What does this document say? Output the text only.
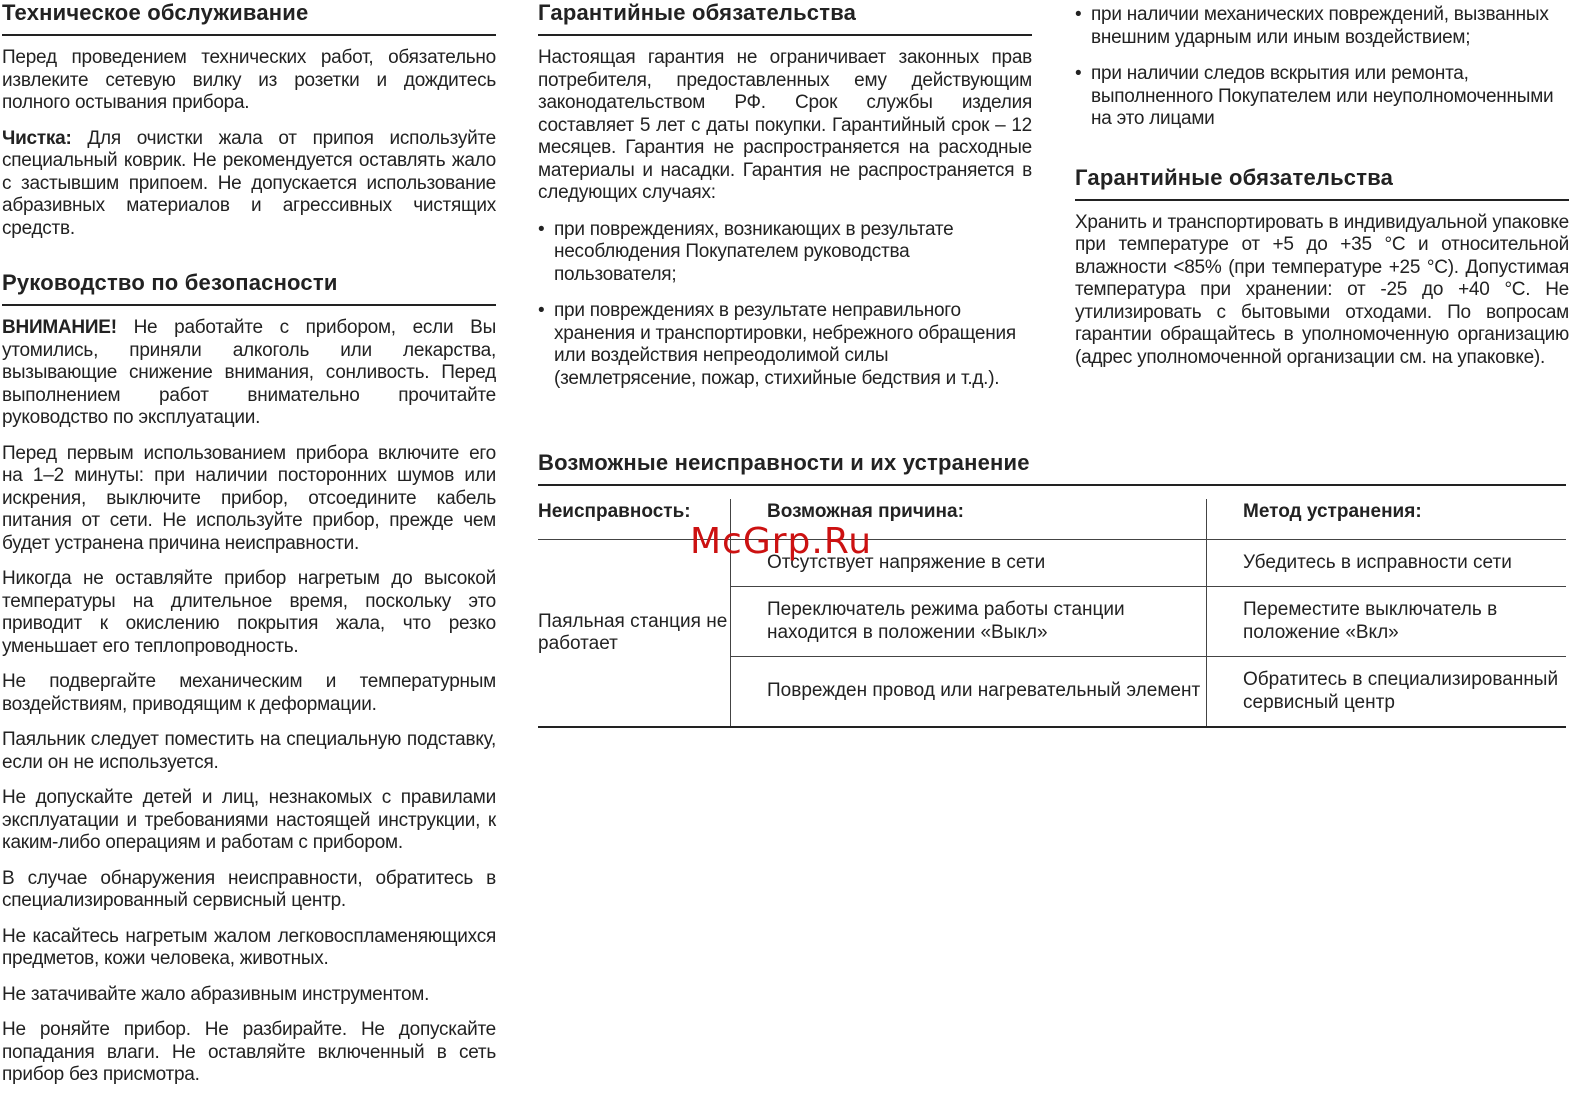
Техническое обслуживание

Перед проведением технических работ, обязательно извлеките сетевую вилку из розетки и дождитесь полного остывания прибора.

Чистка: Для очистки жала от припоя используйте специальный коврик. Не рекомендуется оставлять жало с застывшим припоем. Не допускается использование абразивных материалов и агрессивных чистящих средств.

Руководство по безопасности

ВНИМАНИЕ! Не работайте с прибором, если Вы утомились, приняли алкоголь или лекарства, вызывающие снижение внимания, сонливость. Перед выполнением работ внимательно прочитайте руководство по эксплуатации.

Перед первым использованием прибора включите его на 1–2 минуты: при наличии посторонних шумов или искрения, выключите прибор, отсоедините кабель питания от сети. Не используйте прибор, прежде чем будет устранена причина неисправности.

Никогда не оставляйте прибор нагретым до высокой температуры на длительное время, поскольку это приводит к окислению покрытия жала, что резко уменьшает его теплопроводность.

Не подвергайте механическим и температурным воздействиям, приводящим к деформации.

Паяльник следует поместить на специальную подставку, если он не используется.

Не допускайте детей и лиц, незнакомых с правилами эксплуатации и требованиями настоящей инструкции, к каким-либо операциям и работам с прибором.

В случае обнаружения неисправности, обратитесь в специализированный сервисный центр.

Не касайтесь нагретым жалом легковоспламеняющихся предметов, кожи человека, животных.

Не затачивайте жало абразивным инструментом.

Не роняйте прибор. Не разбирайте. Не допускайте попадания влаги. Не оставляйте включенный в сеть прибор без присмотра.

Гарантийные обязательства

Настоящая гарантия не ограничивает законных прав потребителя, предоставленных ему действующим законодательством РФ. Срок службы изделия составляет 5 лет с даты покупки. Гарантийный срок – 12 месяцев. Гарантия не распространяется на расходные материалы и насадки. Гарантия не распространяется в следующих случаях:

• при повреждениях, возникающих в результате несоблюдения Покупателем руководства пользователя;
• при повреждениях в результате неправильного хранения и транспортировки, небрежного обращения или воздействия непреодолимой силы (землетрясение, пожар, стихийные бедствия и т.д.).
• при наличии механических повреждений, вызванных внешним ударным или иным воздействием;
• при наличии следов вскрытия или ремонта, выполненного Покупателем или неуполномоченными на это лицами
Гарантийные обязательства

Хранить и транспортировать в индивидуальной упаковке при температуре от +5 до +35 °С и относительной влажности <85% (при температуре +25 °С). Допустимая температура при хранении: от -25 до +40 °С. Не утилизировать с бытовыми отходами. По вопросам гарантии обращайтесь в уполномоченную организацию (адрес уполномоченной организации см. на упаковке).

Возможные неисправности и их устранение
Неисправность:	Возможная причина:	Метод устранения:
Паяльная станция не работает	Отсутствует напряжение в сети	Убедитесь в исправности сети
	Переключатель режима работы станции находится в положении «Выкл»	Переместите выключатель в положение «Вкл»
	Поврежден провод или нагревательный элемент	Обратитесь в специализированный сервисный центр
McGrp.Ru
